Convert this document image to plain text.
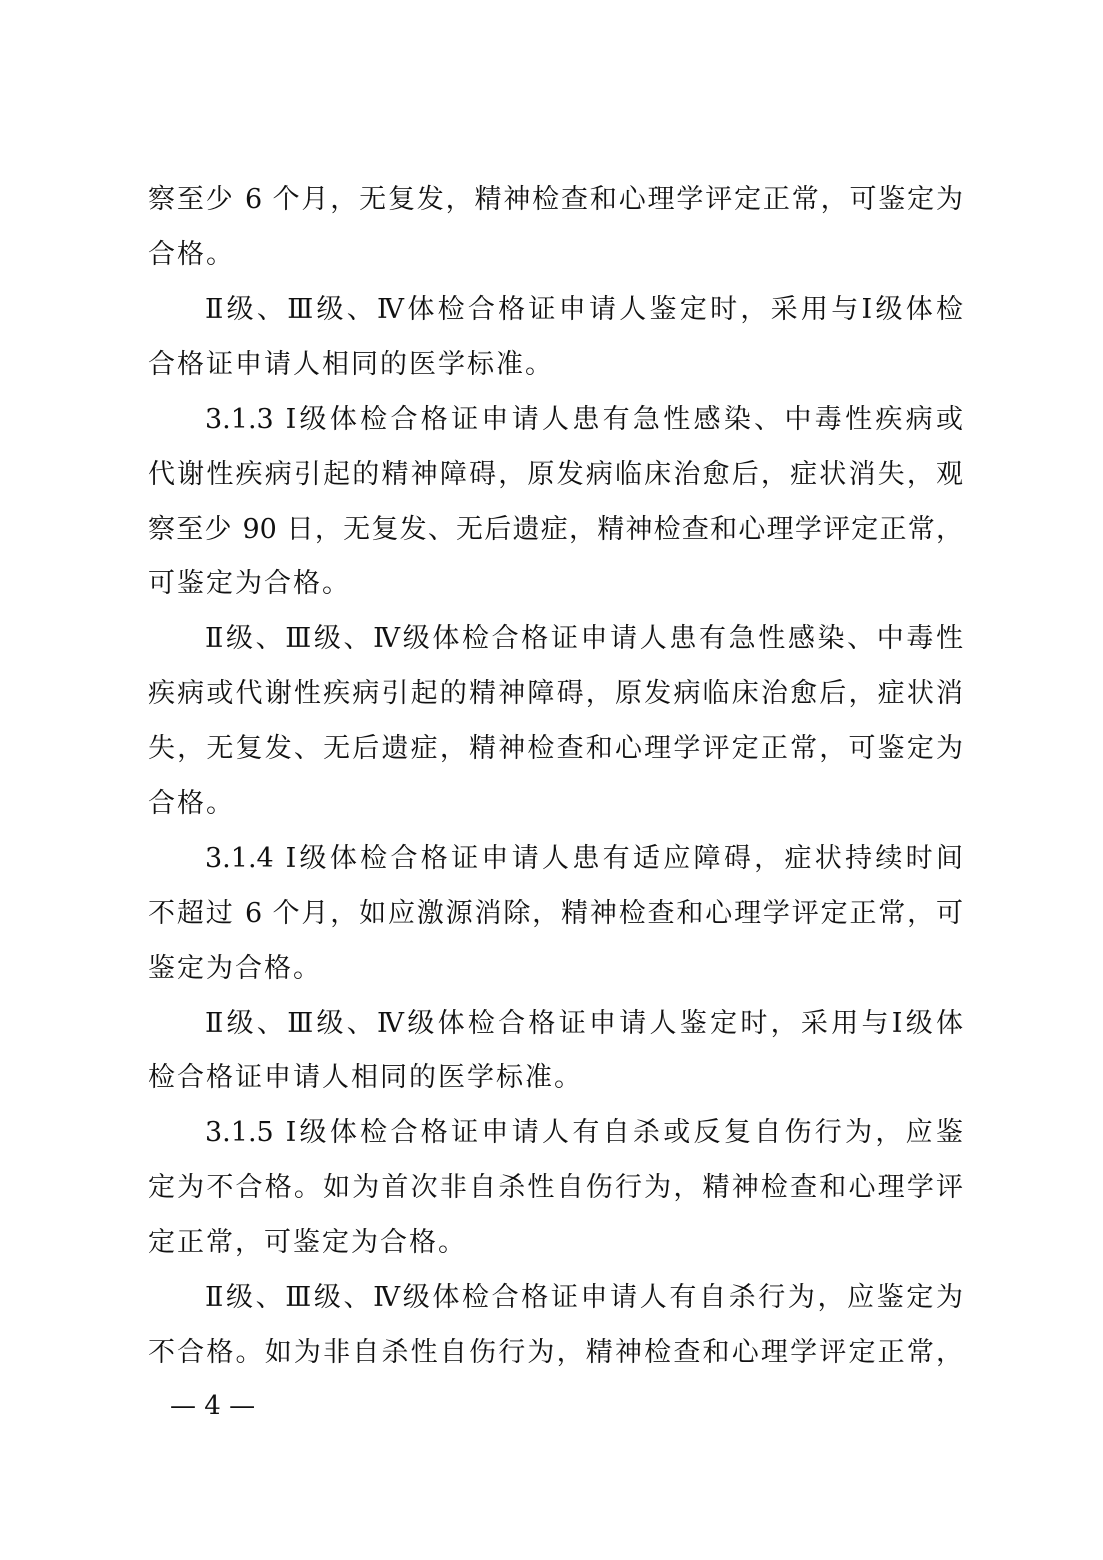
察至少 6 个月，无复发，精神检查和心理学评定正常，可鉴定为
合格。
Ⅱ级、Ⅲ级、Ⅳ体检合格证申请人鉴定时，采用与Ⅰ级体检
合格证申请人相同的医学标准。
3.1.3 Ⅰ级体检合格证申请人患有急性感染、中毒性疾病或
代谢性疾病引起的精神障碍，原发病临床治愈后，症状消失，观
察至少 90 日，无复发、无后遗症，精神检查和心理学评定正常，
可鉴定为合格。
Ⅱ级、Ⅲ级、Ⅳ级体检合格证申请人患有急性感染、中毒性
疾病或代谢性疾病引起的精神障碍，原发病临床治愈后，症状消
失，无复发、无后遗症，精神检查和心理学评定正常，可鉴定为
合格。
3.1.4 Ⅰ级体检合格证申请人患有适应障碍，症状持续时间
不超过 6 个月，如应激源消除，精神检查和心理学评定正常，可
鉴定为合格。
Ⅱ级、Ⅲ级、Ⅳ级体检合格证申请人鉴定时，采用与Ⅰ级体
检合格证申请人相同的医学标准。
3.1.5 Ⅰ级体检合格证申请人有自杀或反复自伤行为，应鉴
定为不合格。如为首次非自杀性自伤行为，精神检查和心理学评
定正常，可鉴定为合格。
Ⅱ级、Ⅲ级、Ⅳ级体检合格证申请人有自杀行为，应鉴定为
不合格。如为非自杀性自伤行为，精神检查和心理学评定正常，
— 4 —
